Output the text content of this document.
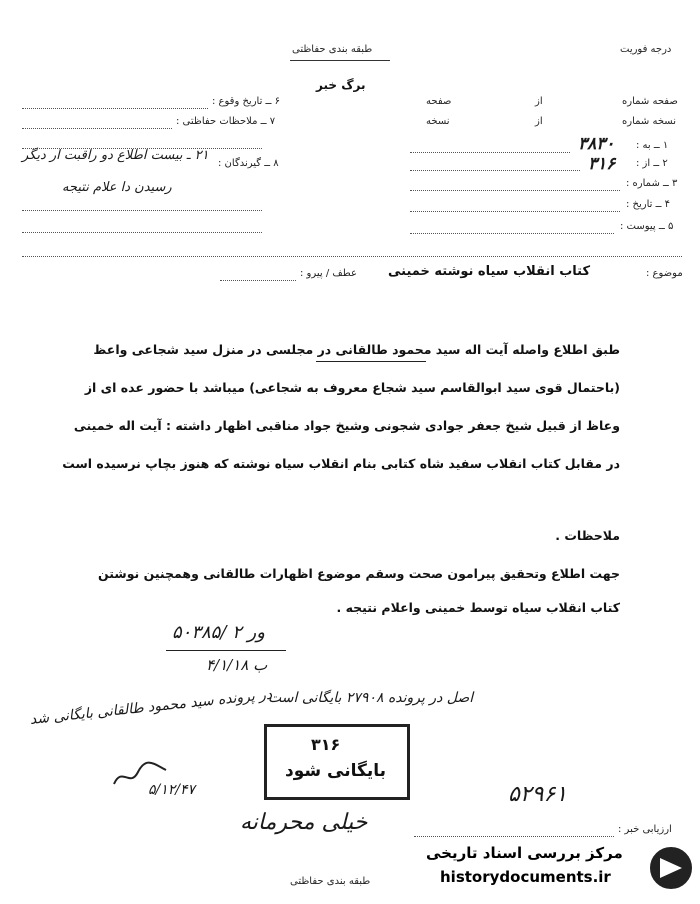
طبقه بندی حفاظتی	درجه فوریت
برگ خبر
صفحه شماره
از
صفحه
نسخه شماره
از
نسخه
۱ ــ به :
۳۸۳۰
۲ ــ از :
۳۱۶
۳ ــ شماره :
۴ ــ تاریخ :
۵ ــ پیوست :
۶ ــ تاریخ وقوع :
۷ ــ ملاحظات حفاظتی :
۸ ــ گیرندگان :
۲۱ ـ بیست اطلاع دو راقبت ار دیگر
رسیدن دا علام نتیجه
موضوع :
کتاب انقلاب سیاه نوشته خمینی
عطف / پیرو :
طبق اطلاع واصله آیت اله سید محمود طالقانی در مجلسی در منزل سید شجاعی واعظ
(باحتمال قوی سید ابوالقاسم سید شجاع معروف به شجاعی) میباشد با حضور عده ای از
وعاظ از قبیل شیخ جعفر جوادی شجونی وشیخ جواد مناقبی اظهار داشته : آیت اله خمینی
در مقابل کتاب انقلاب سفید شاه کتابی بنام انقلاب سیاه نوشته که هنوز بچاپ نرسیده است
ملاحظات .
جهت اطلاع وتحقیق پیرامون صحت وسقم موضوع اظهارات طالقانی وهمچنین نوشتن
کتاب انقلاب سیاه توسط خمینی واعلام نتیجه .
۵۰۳۸۵/ ۲ ور
۴/۱/۱۸ ب
اصل در پرونده ۲۷۹۰۸ بایگانی است
در پرونده سید محمود طالقانی بایگانی شد
۳۱۶
بایگانی شود
۵/۱۲/۴۷	۵۲۹۶۱
خیلی محرمانه	ارزیابی خبر :
طبقه بندی حفاظتی
مرکز بررسی اسناد تاریخی
historydocuments.ir
